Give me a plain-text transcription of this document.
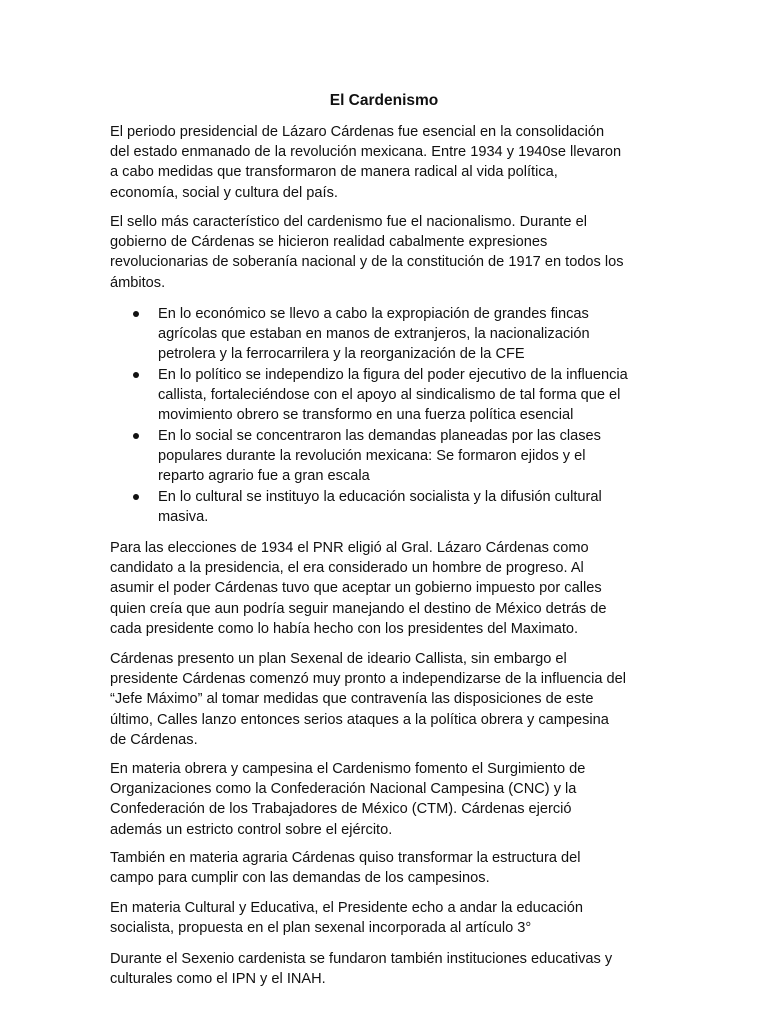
El Cardenismo
El periodo presidencial de Lázaro Cárdenas fue esencial en la consolidación
del estado enmanado de la revolución mexicana. Entre 1934 y 1940se llevaron
a cabo medidas que transformaron de manera radical al vida política,
economía, social y cultura del país.
El sello más característico del cardenismo fue el nacionalismo. Durante el
gobierno de Cárdenas se hicieron realidad cabalmente expresiones
revolucionarias de soberanía nacional y de la constitución de 1917 en todos los
ámbitos.
En lo económico se llevo a cabo la expropiación de grandes fincas
agrícolas que estaban en manos de extranjeros, la nacionalización
petrolera y la ferrocarrilera y la reorganización de la CFE
En lo político se independizo la figura del poder ejecutivo de la influencia
callista, fortaleciéndose con el apoyo al sindicalismo de tal forma que el
movimiento obrero se transformo en una fuerza política esencial
En lo social se concentraron las demandas planeadas por las clases
populares durante la revolución mexicana: Se formaron ejidos y el
reparto agrario fue a gran escala
En lo cultural se instituyo la educación socialista y la difusión cultural
masiva.
Para las elecciones de 1934 el PNR eligió al Gral. Lázaro Cárdenas como
candidato a la presidencia, el era considerado un hombre de progreso. Al
asumir el poder Cárdenas tuvo que aceptar un gobierno impuesto por calles
quien creía que aun podría seguir manejando el destino de México detrás de
cada presidente como lo había hecho con los presidentes del Maximato.
Cárdenas presento un plan Sexenal de ideario Callista, sin embargo el
presidente Cárdenas comenzó muy pronto a independizarse de la influencia del
“Jefe Máximo” al tomar medidas que contravenía las disposiciones de este
último, Calles lanzo entonces serios ataques a la política obrera y campesina
de Cárdenas.
En materia obrera y campesina el Cardenismo fomento el Surgimiento de
Organizaciones como la Confederación Nacional Campesina (CNC) y la
Confederación de los Trabajadores de México (CTM). Cárdenas ejerció
además un estricto control sobre el ejército.
También en materia agraria Cárdenas quiso transformar la estructura del
campo para cumplir con las demandas de los campesinos.
En materia Cultural y Educativa, el Presidente echo a andar la educación
socialista, propuesta en el plan sexenal incorporada al artículo 3°
Durante el Sexenio cardenista se fundaron también instituciones educativas y
culturales como el IPN y el INAH.
